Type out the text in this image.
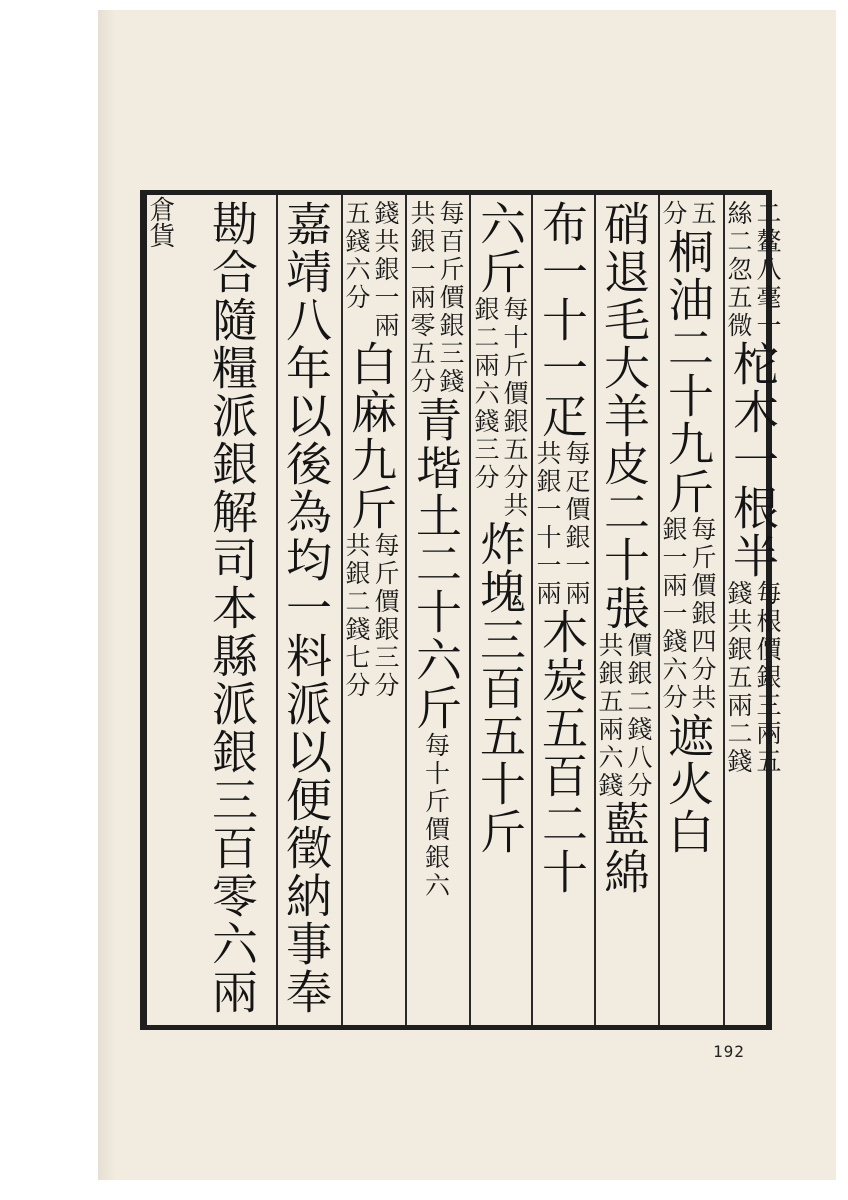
倉貨	二鳌八毫一
絲二忽五微
柁木一根半
每根價銀三兩五
錢共銀五兩二錢
五
分
桐油二十九斤
每斤價銀四分共
銀一兩一錢六分
遮火白
硝退毛大羊皮二十張
價銀二錢八分
共銀五兩六錢
藍綿
布一十一疋
每疋價銀一兩
共銀一十一兩
木炭五百二十
六斤
每十斤價銀五分共
銀二兩六錢三分
炸塊三百五十斤
每百斤價銀三錢
共銀一兩零五分
青堦土二十六斤
每十斤價銀六
錢共銀一兩
五錢六分
白麻九斤
每斤價銀三分
共銀二錢七分
嘉靖八年以後為均一料派以便徵納事奉
勘合隨糧派銀解司本縣派銀三百零六兩
192
